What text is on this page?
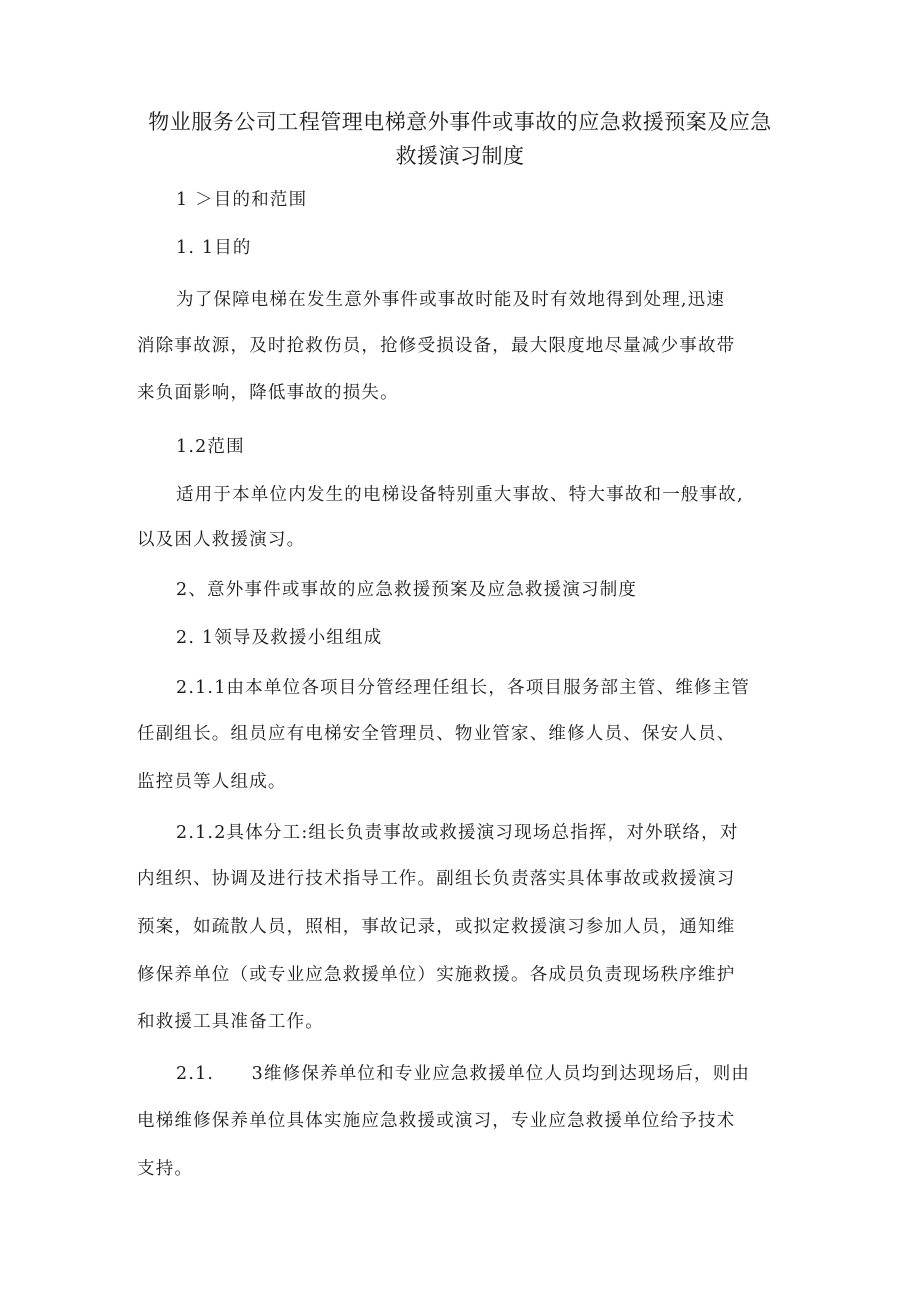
物业服务公司工程管理电梯意外事件或事故的应急救援预案及应急
救援演习制度
1 ＞目的和范围
1. 1目的
为了保障电梯在发生意外事件或事故时能及时有效地得到处理,迅速
消除事故源，及时抢救伤员，抢修受损设备，最大限度地尽量减少事故带
来负面影响，降低事故的损失。
1.2范围
适用于本单位内发生的电梯设备特别重大事故、特大事故和一般事故,
以及困人救援演习。
2、意外事件或事故的应急救援预案及应急救援演习制度
2. 1领导及救援小组组成
2.1.1由本单位各项目分管经理任组长，各项目服务部主管、维修主管
任副组长。组员应有电梯安全管理员、物业管家、维修人员、保安人员、
监控员等人组成。
2.1.2具体分工:组长负责事故或救援演习现场总指挥，对外联络，对
内组织、协调及进行技术指导工作。副组长负责落实具体事故或救援演习
预案，如疏散人员，照相，事故记录，或拟定救援演习参加人员，通知维
修保养单位（或专业应急救援单位）实施救援。各成员负责现场秩序维护
和救援工具准备工作。
2.1.　　3维修保养单位和专业应急救援单位人员均到达现场后，则由
电梯维修保养单位具体实施应急救援或演习，专业应急救援单位给予技术
支持。
